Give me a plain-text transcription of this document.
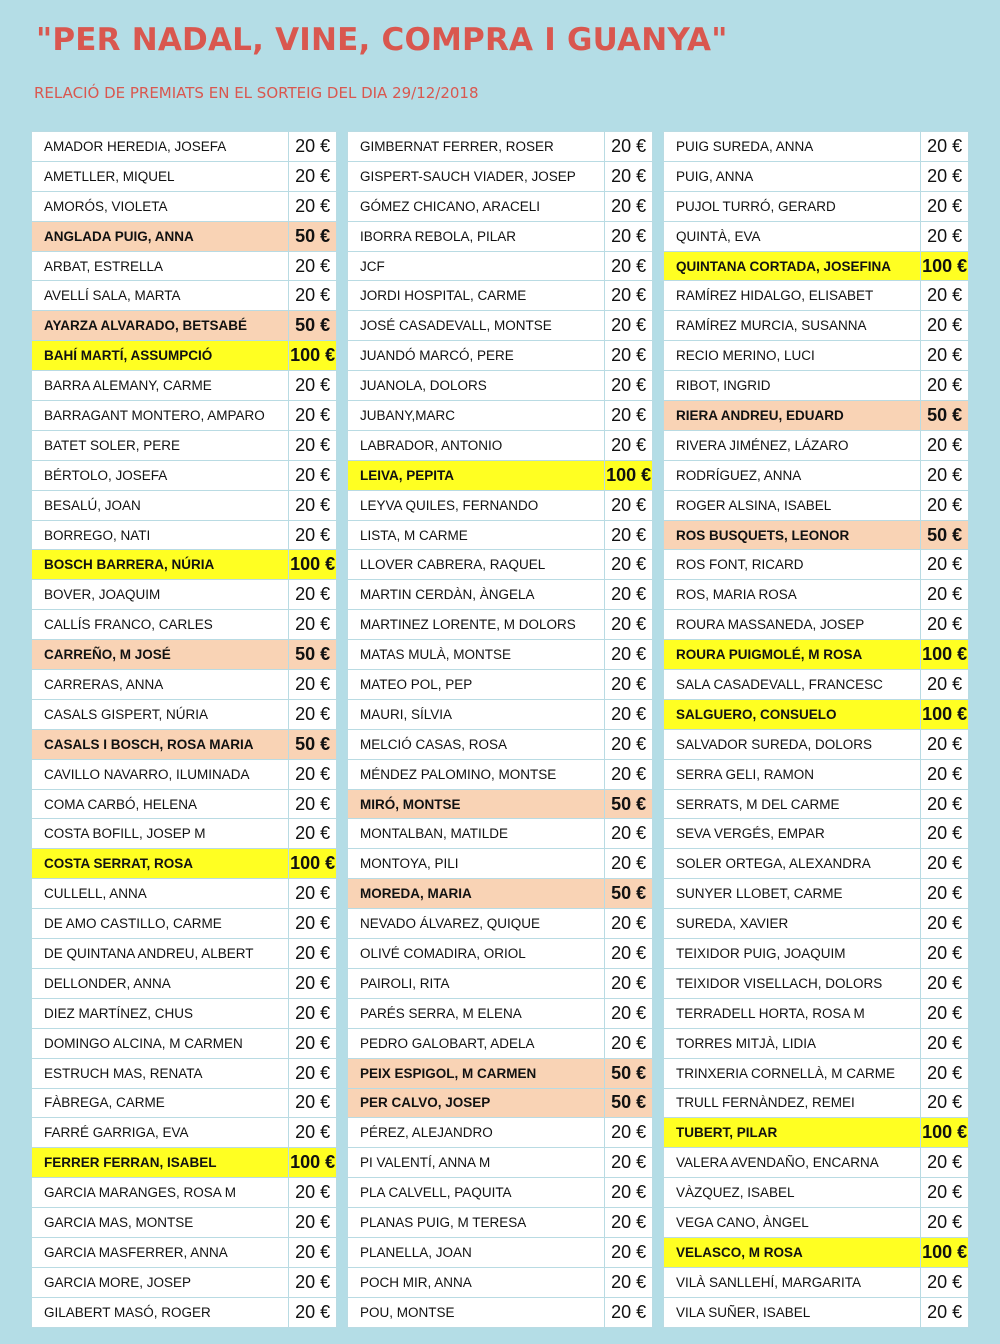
"PER NADAL, VINE, COMPRA I GUANYA"
RELACIÓ DE PREMIATS EN EL SORTEIG DEL DIA 29/12/2018
AMADOR HEREDIA, JOSEFA	20 €
AMETLLER, MIQUEL	20 €
AMORÓS, VIOLETA	20 €
ANGLADA PUIG, ANNA	50 €
ARBAT, ESTRELLA	20 €
AVELLÍ SALA, MARTA	20 €
AYARZA ALVARADO, BETSABÉ	50 €
BAHÍ MARTÍ, ASSUMPCIÓ	100 €
BARRA ALEMANY, CARME	20 €
BARRAGANT MONTERO, AMPARO	20 €
BATET SOLER, PERE	20 €
BÉRTOLO, JOSEFA	20 €
BESALÚ, JOAN	20 €
BORREGO, NATI	20 €
BOSCH BARRERA, NÚRIA	100 €
BOVER, JOAQUIM	20 €
CALLÍS FRANCO, CARLES	20 €
CARREÑO, M JOSÉ	50 €
CARRERAS, ANNA	20 €
CASALS GISPERT, NÚRIA	20 €
CASALS I BOSCH, ROSA MARIA	50 €
CAVILLO NAVARRO, ILUMINADA	20 €
COMA CARBÓ, HELENA	20 €
COSTA BOFILL, JOSEP M	20 €
COSTA SERRAT, ROSA	100 €
CULLELL, ANNA	20 €
DE AMO CASTILLO, CARME	20 €
DE QUINTANA ANDREU, ALBERT	20 €
DELLONDER, ANNA	20 €
DIEZ MARTÍNEZ, CHUS	20 €
DOMINGO ALCINA, M CARMEN	20 €
ESTRUCH MAS, RENATA	20 €
FÀBREGA, CARME	20 €
FARRÉ GARRIGA, EVA	20 €
FERRER FERRAN, ISABEL	100 €
GARCIA MARANGES, ROSA M	20 €
GARCIA MAS, MONTSE	20 €
GARCIA MASFERRER, ANNA	20 €
GARCIA MORE, JOSEP	20 €
GILABERT MASÓ, ROGER	20 €
GIMBERNAT FERRER, ROSER	20 €
GISPERT-SAUCH VIADER, JOSEP	20 €
GÓMEZ CHICANO, ARACELI	20 €
IBORRA REBOLA, PILAR	20 €
JCF	20 €
JORDI HOSPITAL, CARME	20 €
JOSÉ CASADEVALL, MONTSE	20 €
JUANDÓ MARCÓ, PERE	20 €
JUANOLA, DOLORS	20 €
JUBANY,MARC	20 €
LABRADOR, ANTONIO	20 €
LEIVA, PEPITA	100 €
LEYVA QUILES, FERNANDO	20 €
LISTA, M CARME	20 €
LLOVER CABRERA, RAQUEL	20 €
MARTIN CERDÀN, ÀNGELA	20 €
MARTINEZ LORENTE, M DOLORS	20 €
MATAS MULÀ, MONTSE	20 €
MATEO POL, PEP	20 €
MAURI, SÍLVIA	20 €
MELCIÓ CASAS, ROSA	20 €
MÉNDEZ PALOMINO, MONTSE	20 €
MIRÓ, MONTSE	50 €
MONTALBAN, MATILDE	20 €
MONTOYA, PILI	20 €
MOREDA, MARIA	50 €
NEVADO ÁLVAREZ, QUIQUE	20 €
OLIVÉ COMADIRA, ORIOL	20 €
PAIROLI, RITA	20 €
PARÉS SERRA, M ELENA	20 €
PEDRO GALOBART, ADELA	20 €
PEIX ESPIGOL, M CARMEN	50 €
PER CALVO, JOSEP	50 €
PÉREZ, ALEJANDRO	20 €
PI VALENTÍ, ANNA M	20 €
PLA CALVELL, PAQUITA	20 €
PLANAS PUIG, M TERESA	20 €
PLANELLA, JOAN	20 €
POCH MIR, ANNA	20 €
POU, MONTSE	20 €
PUIG SUREDA, ANNA	20 €
PUIG, ANNA	20 €
PUJOL TURRÓ, GERARD	20 €
QUINTÀ, EVA	20 €
QUINTANA CORTADA, JOSEFINA	100 €
RAMÍREZ HIDALGO, ELISABET	20 €
RAMÍREZ MURCIA, SUSANNA	20 €
RECIO MERINO, LUCI	20 €
RIBOT, INGRID	20 €
RIERA ANDREU, EDUARD	50 €
RIVERA JIMÉNEZ, LÁZARO	20 €
RODRÍGUEZ, ANNA	20 €
ROGER ALSINA, ISABEL	20 €
ROS BUSQUETS, LEONOR	50 €
ROS FONT, RICARD	20 €
ROS, MARIA ROSA	20 €
ROURA MASSANEDA, JOSEP	20 €
ROURA PUIGMOLÉ, M ROSA	100 €
SALA CASADEVALL, FRANCESC	20 €
SALGUERO, CONSUELO	100 €
SALVADOR SUREDA, DOLORS	20 €
SERRA GELI, RAMON	20 €
SERRATS, M DEL CARME	20 €
SEVA VERGÉS, EMPAR	20 €
SOLER ORTEGA, ALEXANDRA	20 €
SUNYER LLOBET, CARME	20 €
SUREDA, XAVIER	20 €
TEIXIDOR PUIG, JOAQUIM	20 €
TEIXIDOR VISELLACH, DOLORS	20 €
TERRADELL HORTA, ROSA M	20 €
TORRES MITJÀ, LIDIA	20 €
TRINXERIA CORNELLÀ, M CARME	20 €
TRULL FERNÀNDEZ, REMEI	20 €
TUBERT, PILAR	100 €
VALERA AVENDAÑO, ENCARNA	20 €
VÀZQUEZ, ISABEL	20 €
VEGA CANO, ÀNGEL	20 €
VELASCO, M ROSA	100 €
VILÀ SANLLEHÍ, MARGARITA	20 €
VILA SUÑER, ISABEL	20 €
